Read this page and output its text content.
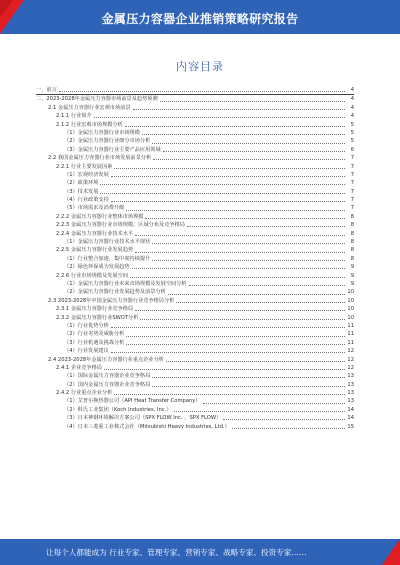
金属压力容器企业推销策略研究报告
内容目录
一、前言	4
二、2023-2028年金属压力容器市场前景及趋势预测	4
2.1 金属压力容器行业宏观市场前景	4
2.1.1 行业简介	4
2.1.2 行业宏观市场规模分析	5
（1）金属压力容器行业市场规模	5
（2）金属压力容器行业细分市场分析	5
（3）金属压力容器行业主要产品应用领域	6
2.2 我国金属压力容器行业市场发展前景分析	7
2.2.1 行业主要发展因素	7
（1）宏观经济发展	7
（2）政策环境	7
（3）技术发展	7
（4）行业政策支持	7
（5）市场需求及消费升级	7
2.2.2 金属压力容器行业整体市场规模	8
2.2.3 金属压力容器行业市场规模、区域分布及竞争格局	8
2.2.4 金属压力容器行业技术水平	8
（1）金属压力容器行业技术水平现状	8
2.2.5 金属压力容器行业发展趋势	8
（1）行业整合加速，集中度持续提升	8
（2）绿色环保成为发展趋势	9
2.2.6 行业市场规模及发展空间	9
（1）金属压力容器行业未来市场规模及发展空间分析	9
（2）金属压力容器行业发展趋势及前景分析	10
2.3 2023-2028年中国金属压力容器行业竞争格局分析	10
2.3.1 金属压力容器行业竞争格局	10
2.3.2 金属压力容器行业SWOT分析	10
（1）行业优势分析	11
（2）行业劣势及威胁分析	11
（3）行业机遇及挑战分析	11
（4）行业发展建议	12
2.4 2023-2028年金属压力容器行业重点企业分析	12
2.4.1 企业竞争格局	12
（1）国际金属压力容器企业竞争格局	13
（2）国内金属压力容器企业竞争格局	13
2.4.2 行业重点企业分析	13
（1）艾普尔换热器公司（API Heat Transfer Company）	13
（2）科氏工业集团（Koch Industries, Inc.）	14
（3）日本神钢环境解决方案公司（SPX FLOW Inc. ，SPX FLOW）	14
（4）日本三菱重工业株式会社（Mitsubishi Heavy Industries, Ltd.）	15
让每个人都能成为 行业专家、管理专家、营销专家、战略专家、投资专家……
